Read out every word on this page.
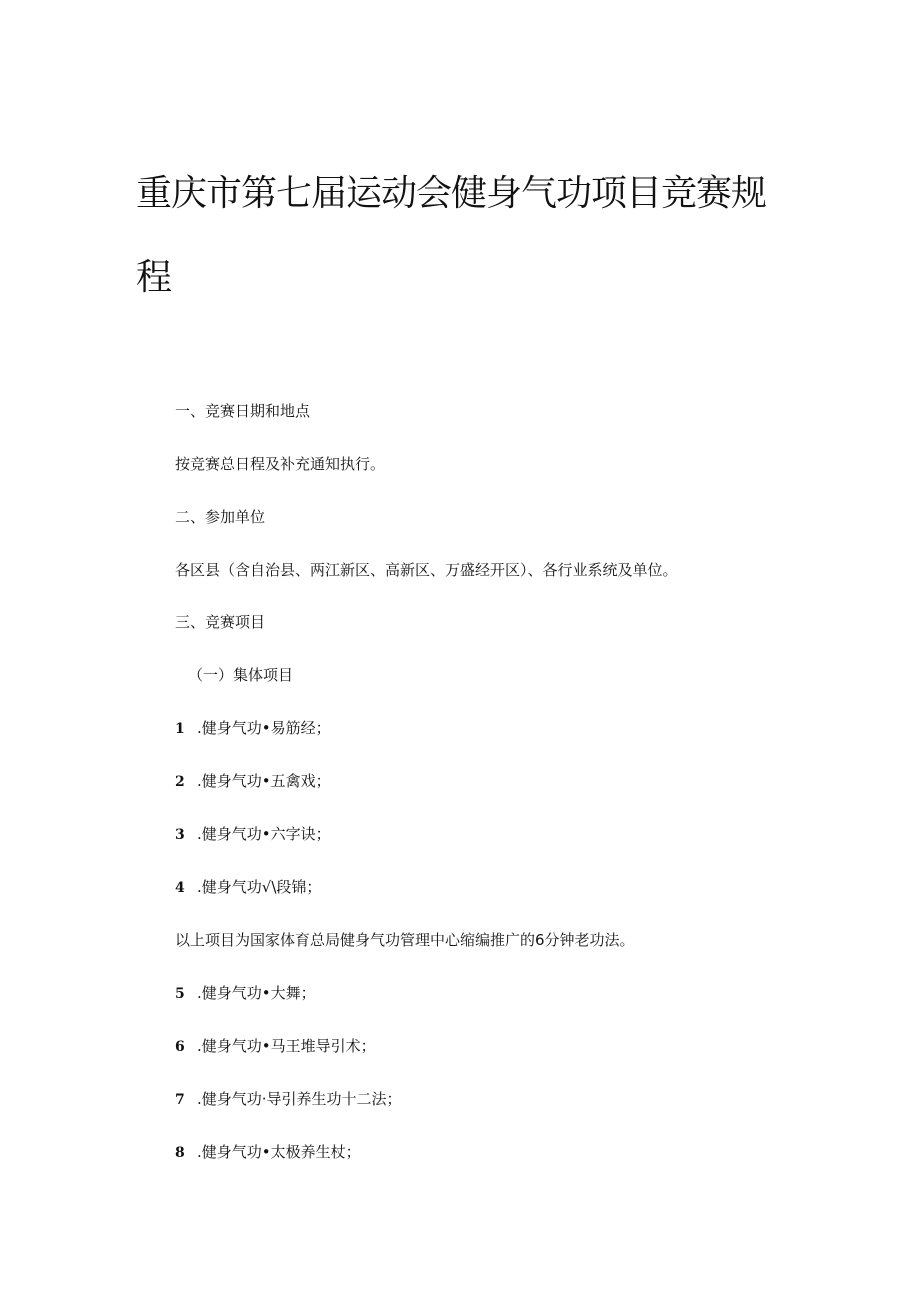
重庆市第七届运动会健身气功项目竞赛规程
一、竞赛日期和地点
按竞赛总日程及补充通知执行。
二、参加单位
各区县（含自治县、两江新区、高新区、万盛经开区）、各行业系统及单位。
三、竞赛项目
（一）集体项目
1 .健身气功•易筋经；
2 .健身气功•五禽戏；
3 .健身气功•六字诀；
4 .健身气功√\段锦；
以上项目为国家体育总局健身气功管理中心缩编推广的6分钟老功法。
5 .健身气功•大舞；
6 .健身气功•马王堆导引术；
7 .健身气功·导引养生功十二法；
8 .健身气功•太极养生杖；
